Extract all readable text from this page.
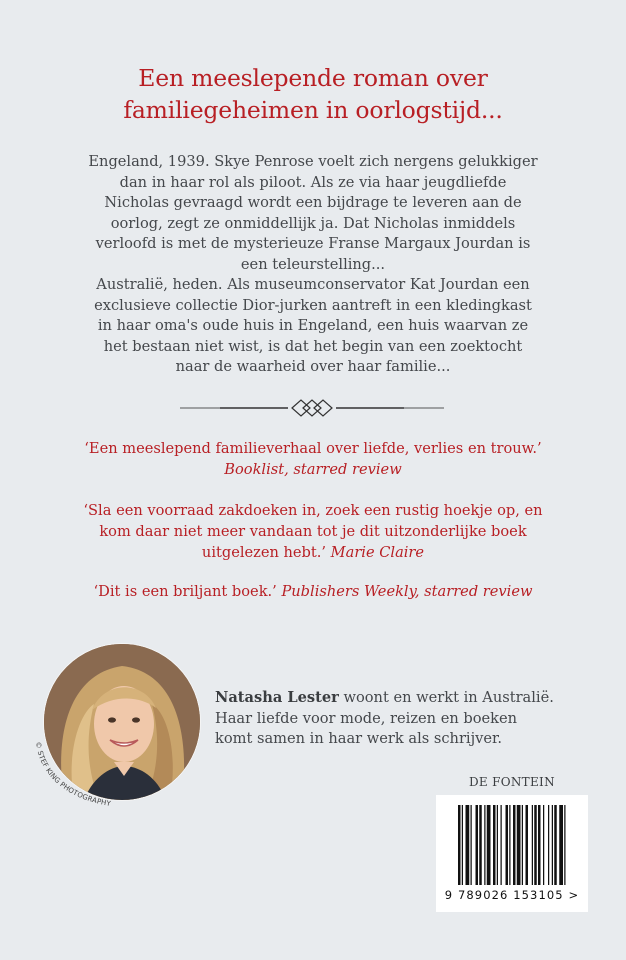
Een meeslepende roman over
familiegeheimen in oorlogstijd...
Engeland, 1939. Skye Penrose voelt zich nergens gelukkiger dan in haar rol als piloot. Als ze via haar jeugdliefde Nicholas gevraagd wordt een bijdrage te leveren aan de oorlog, zegt ze onmiddellijk ja. Dat Nicholas inmiddels verloofd is met de mysterieuze Franse Margaux Jourdan is een teleurstelling...
Australië, heden. Als museumconservator Kat Jourdan een exclusieve collectie Dior-jurken aantreft in een kledingkast in haar oma's oude huis in Engeland, een huis waarvan ze het bestaan niet wist, is dat het begin van een zoektocht naar de waarheid over haar familie...
‘Een meeslepend familieverhaal over liefde, verlies en trouw.’
Booklist, starred review
‘Sla een voorraad zakdoeken in, zoek een rustig hoekje op, en kom daar niet meer vandaan tot je dit uitzonderlijke boek uitgelezen hebt.’ Marie Claire
‘Dit is een briljant boek.’ Publishers Weekly, starred review
© STEF KING PHOTOGRAPHY
Natasha Lester woont en werkt in Australië. Haar liefde voor mode, reizen en boeken komt samen in haar werk als schrijver.
DE FONTEIN
9 789026 153105 >
